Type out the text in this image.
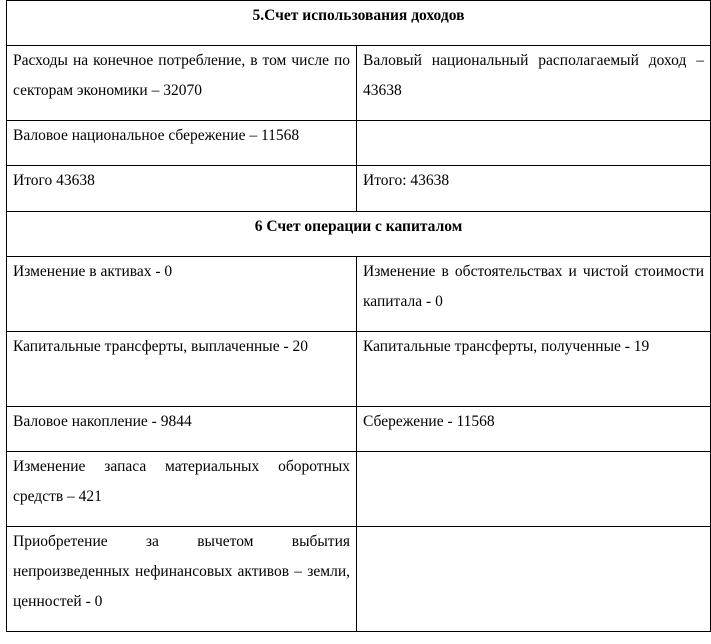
5.Счет использования доходов	
Расходы на конечное потребление, в том числе по секторам экономики – 32070	Валовый национальный располагаемый доход – 43638
Валовое национальное сбережение – 11568	
Итого 43638	Итого: 43638
6 Счет операции с капиталом	
Изменение в активах - 0	Изменение в обстоятельствах и чистой стоимости капитала - 0
Капитальные трансферты, выплаченные - 20	Капитальные трансферты, полученные - 19
Валовое накопление - 9844	Сбережение - 11568
Изменение запаса материальных оборотных средств – 421	
Приобретение за вычетом выбытия непроизведенных нефинансовых активов – земли, ценностей - 0	
